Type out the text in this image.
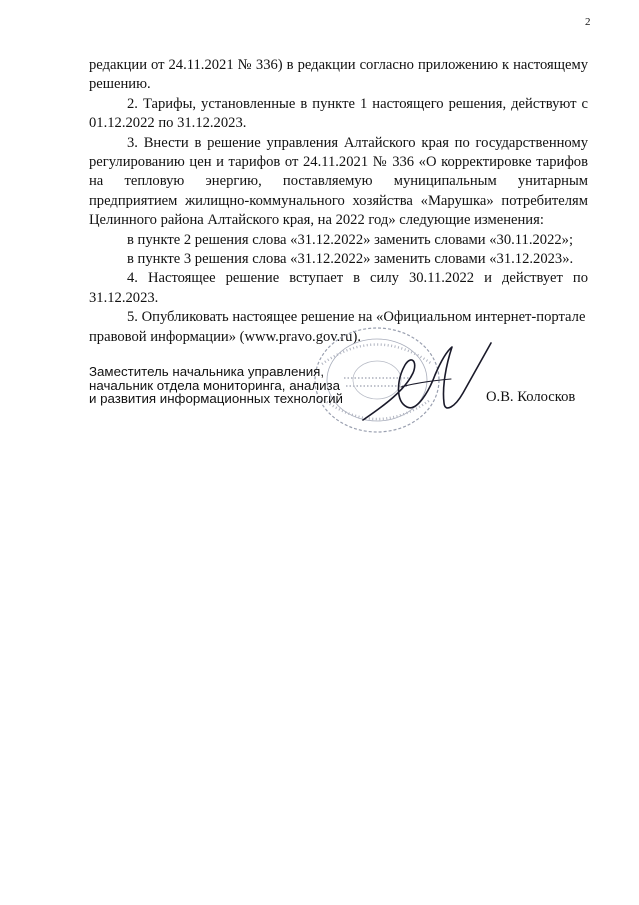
2

редакции от 24.11.2021 № 336) в редакции согласно приложению к настоящему решению.

2. Тарифы, установленные в пункте 1 настоящего решения, действуют с 01.12.2022 по 31.12.2023.

3. Внести в решение управления Алтайского края по государственному регулированию цен и тарифов от 24.11.2021 № 336 «О корректировке тарифов на тепловую энергию, поставляемую муниципальным унитарным предприятием жилищно-коммунального хозяйства «Марушка» потребителям Целинного района Алтайского края, на 2022 год» следующие изменения:

в пункте 2 решения слова «31.12.2022» заменить словами «30.11.2022»;

в пункте 3 решения слова «31.12.2022» заменить словами «31.12.2023».

4. Настоящее решение вступает в силу 30.11.2022 и действует по 31.12.2023.

5. Опубликовать настоящее решение на «Официальном интернет-портале правовой информации» (www.pravo.gov.ru).

Заместитель начальника управления,
начальник отдела мониторинга, анализа
и развития информационных технологий	О.В. Колосков
